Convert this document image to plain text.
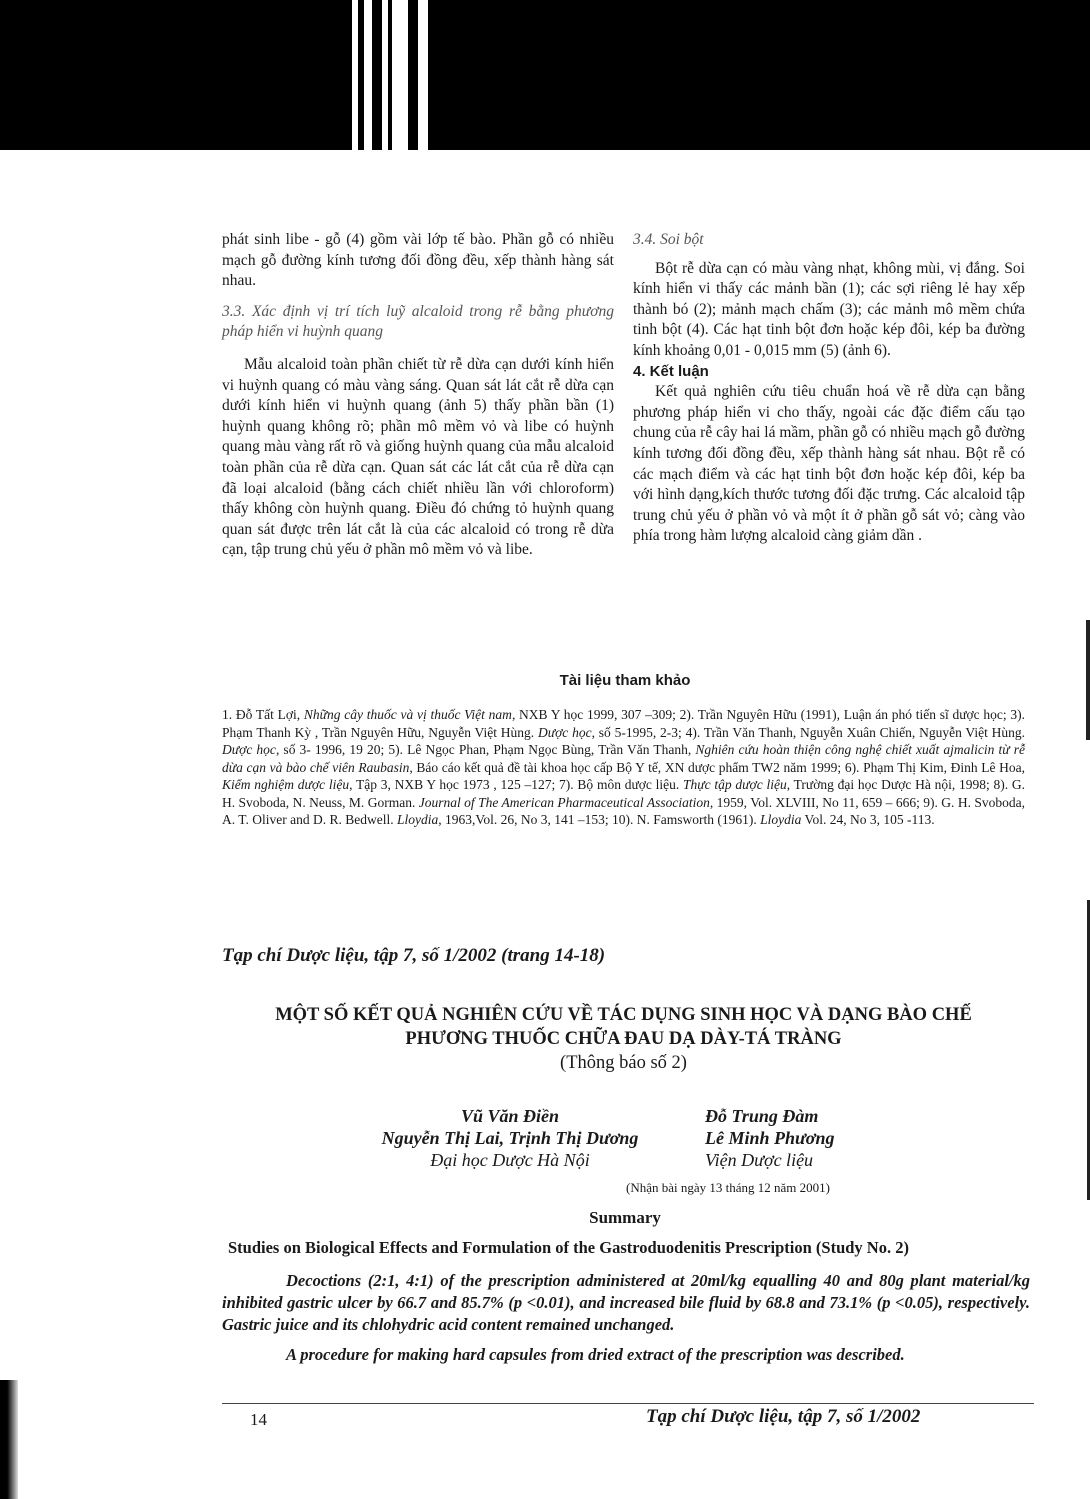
phát sinh libe - gỗ (4) gồm vài lớp tế bào. Phần gỗ có nhiều mạch gỗ đường kính tương đối đồng đều, xếp thành hàng sát nhau.

3.3. Xác định vị trí tích luỹ alcaloid trong rễ bằng phương pháp hiển vi huỳnh quang

Mẫu alcaloid toàn phần chiết từ rễ dừa cạn dưới kính hiển vi huỳnh quang có màu vàng sáng. Quan sát lát cắt rễ dừa cạn dưới kính hiển vi huỳnh quang (ảnh 5) thấy phần bần (1) huỳnh quang không rõ; phần mô mềm vỏ và libe có huỳnh quang màu vàng rất rõ và giống huỳnh quang của mẫu alcaloid toàn phần của rễ dừa cạn. Quan sát các lát cắt của rễ dừa cạn đã loại alcaloid (bằng cách chiết nhiều lần với chloroform) thấy không còn huỳnh quang. Điều đó chứng tỏ huỳnh quang quan sát được trên lát cắt là của các alcaloid có trong rễ dừa cạn, tập trung chủ yếu ở phần mô mềm vỏ và libe.

3.4. Soi bột

Bột rễ dừa cạn có màu vàng nhạt, không mùi, vị đắng. Soi kính hiển vi thấy các mảnh bần (1); các sợi riêng lẻ hay xếp thành bó (2); mảnh mạch chấm (3); các mảnh mô mềm chứa tinh bột (4). Các hạt tinh bột đơn hoặc kép đôi, kép ba đường kính khoảng 0,01 - 0,015 mm (5) (ảnh 6).

4. Kết luận

Kết quả nghiên cứu tiêu chuẩn hoá về rễ dừa cạn bằng phương pháp hiển vi cho thấy, ngoài các đặc điểm cấu tạo chung của rễ cây hai lá mầm, phần gỗ có nhiều mạch gỗ đường kính tương đối đồng đều, xếp thành hàng sát nhau. Bột rễ có các mạch điểm và các hạt tinh bột đơn hoặc kép đôi, kép ba với hình dạng,kích thước tương đối đặc trưng. Các alcaloid tập trung chủ yếu ở phần vỏ và một ít ở phần gỗ sát vỏ; càng vào phía trong hàm lượng alcaloid càng giảm dần .

Tài liệu tham khảo
1. Đỗ Tất Lợi, Những cây thuốc và vị thuốc Việt nam, NXB Y học 1999, 307 –309; 2). Trần Nguyên Hữu (1991), Luận án phó tiến sĩ dược học; 3). Phạm Thanh Kỳ , Trần Nguyên Hữu, Nguyễn Việt Hùng. Dược học, số 5-1995, 2-3; 4). Trần Văn Thanh, Nguyễn Xuân Chiến, Nguyễn Việt Hùng. Dược học, số 3- 1996, 19 20; 5). Lê Ngọc Phan, Phạm Ngọc Bùng, Trần Văn Thanh, Nghiên cứu hoàn thiện công nghệ chiết xuất ajmalicin từ rễ dừa cạn và bào chế viên Raubasin, Báo cáo kết quả đề tài khoa học cấp Bộ Y tế, XN dược phẩm TW2 năm 1999; 6). Phạm Thị Kim, Đinh Lê Hoa, Kiểm nghiệm dược liệu, Tập 3, NXB Y học 1973 , 125 –127; 7). Bộ môn dược liệu. Thực tập dược liệu, Trường đại học Dược Hà nội, 1998; 8). G. H. Svoboda, N. Neuss, M. Gorman. Journal of The American Pharmaceutical Association, 1959, Vol. XLVIII, No 11, 659 – 666; 9). G. H. Svoboda, A. T. Oliver and D. R. Bedwell. Lloydia, 1963,Vol. 26, No 3, 141 –153; 10). N. Famsworth (1961). Lloydia Vol. 24, No 3, 105 -113.
Tạp chí Dược liệu, tập 7, số 1/2002 (trang 14-18)
MỘT SỐ KẾT QUẢ NGHIÊN CỨU VỀ TÁC DỤNG SINH HỌC VÀ DẠNG BÀO CHẾ
PHƯƠNG THUỐC CHỮA ĐAU DẠ DÀY-TÁ TRÀNG
(Thông báo số 2)
Vũ Văn Điền
Nguyễn Thị Lai, Trịnh Thị Dương
Đại học Dược Hà Nội
Đỗ Trung Đàm
Lê Minh Phương
Viện Dược liệu
(Nhận bài ngày 13 tháng 12 năm 2001)
Summary
Studies on Biological Effects and Formulation of the Gastroduodenitis Prescription (Study No. 2)

Decoctions (2:1, 4:1) of the prescription administered at 20ml/kg equalling 40 and 80g plant material/kg inhibited gastric ulcer by 66.7 and 85.7% (p <0.01), and increased bile fluid by 68.8 and 73.1% (p <0.05), respectively. Gastric juice and its chlohydric acid content remained unchanged.

A procedure for making hard capsules from dried extract of the prescription was described.

14	Tạp chí Dược liệu, tập 7, số 1/2002
